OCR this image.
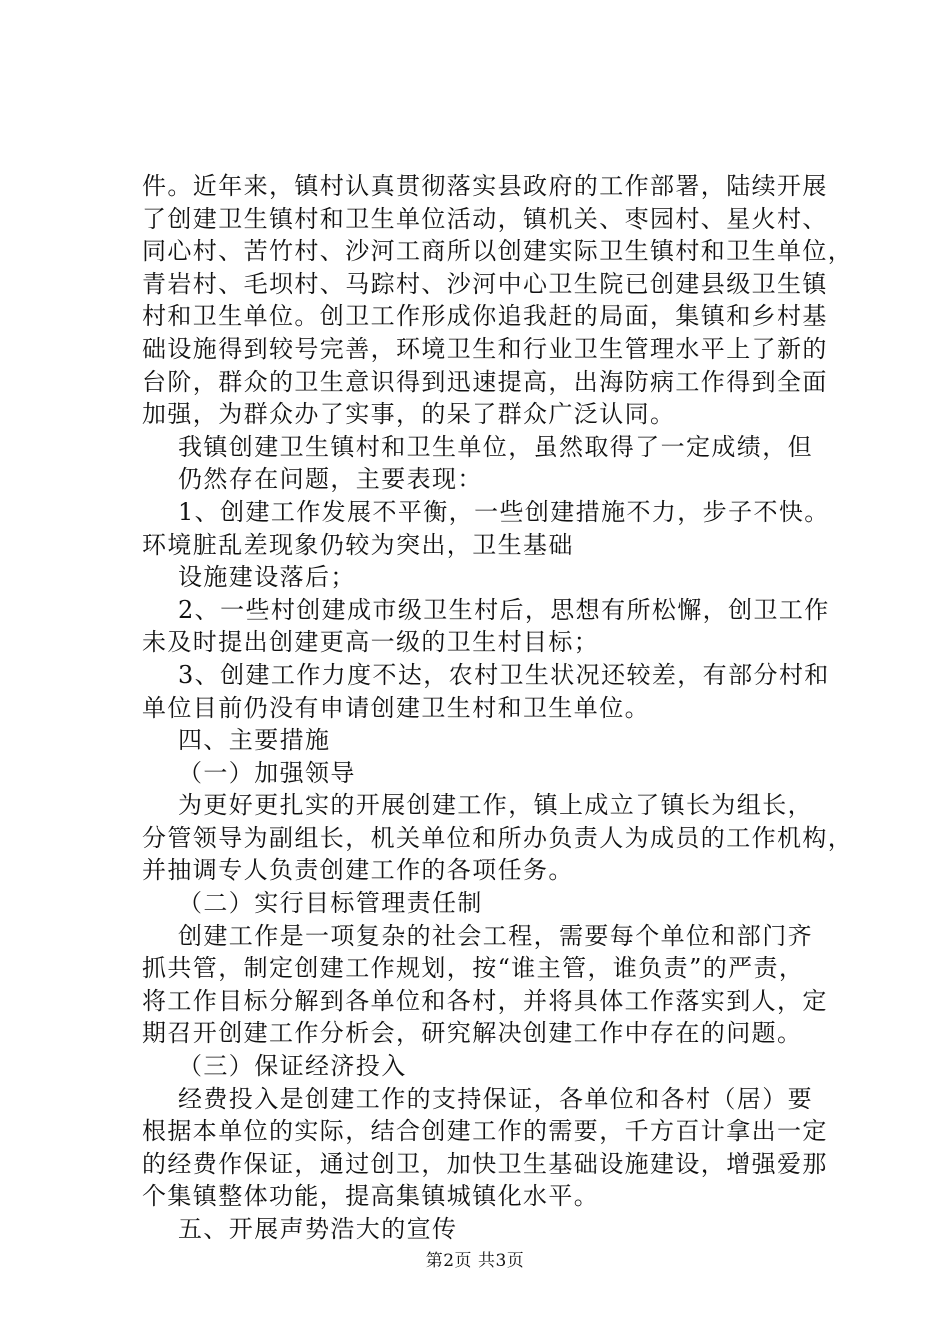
件。近年来，镇村认真贯彻落实县政府的工作部署，陆续开展
了创建卫生镇村和卫生单位活动，镇机关、枣园村、星火村、
同心村、苦竹村、沙河工商所以创建实际卫生镇村和卫生单位，
青岩村、毛坝村、马踪村、沙河中心卫生院已创建县级卫生镇
村和卫生单位。创卫工作形成你追我赶的局面，集镇和乡村基
础设施得到较号完善，环境卫生和行业卫生管理水平上了新的
台阶，群众的卫生意识得到迅速提高，出海防病工作得到全面
加强，为群众办了实事，的呆了群众广泛认同。
我镇创建卫生镇村和卫生单位，虽然取得了一定成绩，但
仍然存在问题，主要表现：
1、创建工作发展不平衡，一些创建措施不力，步子不快。
环境脏乱差现象仍较为突出，卫生基础
设施建设落后；
2、一些村创建成市级卫生村后，思想有所松懈，创卫工作
未及时提出创建更高一级的卫生村目标；
3、创建工作力度不达，农村卫生状况还较差，有部分村和
单位目前仍没有申请创建卫生村和卫生单位。
四、主要措施
（一）加强领导
为更好更扎实的开展创建工作，镇上成立了镇长为组长，
分管领导为副组长，机关单位和所办负责人为成员的工作机构，
并抽调专人负责创建工作的各项任务。
（二）实行目标管理责任制
创建工作是一项复杂的社会工程，需要每个单位和部门齐
抓共管，制定创建工作规划，按“谁主管，谁负责”的严责，
将工作目标分解到各单位和各村，并将具体工作落实到人，定
期召开创建工作分析会，研究解决创建工作中存在的问题。
（三）保证经济投入
经费投入是创建工作的支持保证，各单位和各村（居）要
根据本单位的实际，结合创建工作的需要，千方百计拿出一定
的经费作保证，通过创卫，加快卫生基础设施建设，增强爱那
个集镇整体功能，提高集镇城镇化水平。
五、开展声势浩大的宣传
第2页 共3页
